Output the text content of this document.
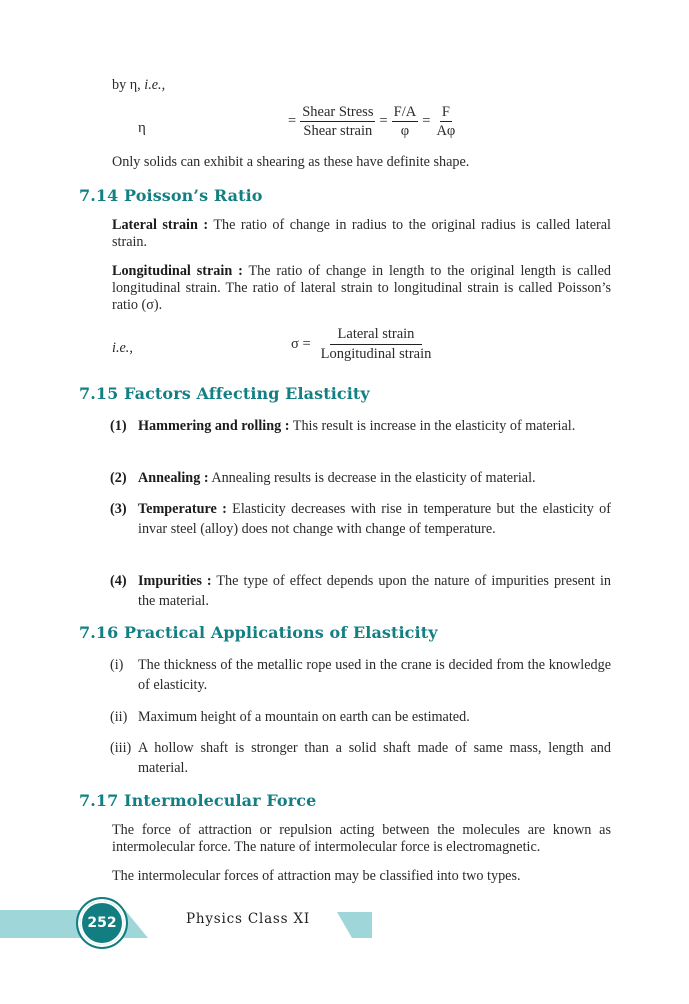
by η, i.e.,

η	= $\frac{\text{Shear Stress}}{\text{Shear strain}} = \frac{F/A}{\varphi} = \frac{F}{A\varphi}$

Only solids can exhibit a shearing as these have definite shape.

7.14 Poisson’s Ratio

Lateral strain : The ratio of change in radius to the original radius is called lateral strain.

Longitudinal strain : The ratio of change in length to the original length is called longitudinal strain. The ratio of lateral strain to longitudinal strain is called Poisson’s ratio (σ).

i.e.,	$\sigma = \frac{\text{Lateral strain}}{\text{Longitudinal strain}}$
7.15 Factors Affecting Elasticity
(1) Hammering and rolling : This result is increase in the elasticity of material.
(2) Annealing : Annealing results is decrease in the elasticity of material.
(3) Temperature : Elasticity decreases with rise in temperature but the elasticity of invar steel (alloy) does not change with change of temperature.
(4) Impurities : The type of effect depends upon the nature of impurities present in the material.
7.16 Practical Applications of Elasticity
(i) The thickness of the metallic rope used in the crane is decided from the knowledge of elasticity.
(ii) Maximum height of a mountain on earth can be estimated.
(iii) A hollow shaft is stronger than a solid shaft made of same mass, length and material.
7.17 Intermolecular Force

The force of attraction or repulsion acting between the molecules are known as intermolecular force. The nature of intermolecular force is electromagnetic.

The intermolecular forces of attraction may be classified into two types.

252	Physics Class XI
